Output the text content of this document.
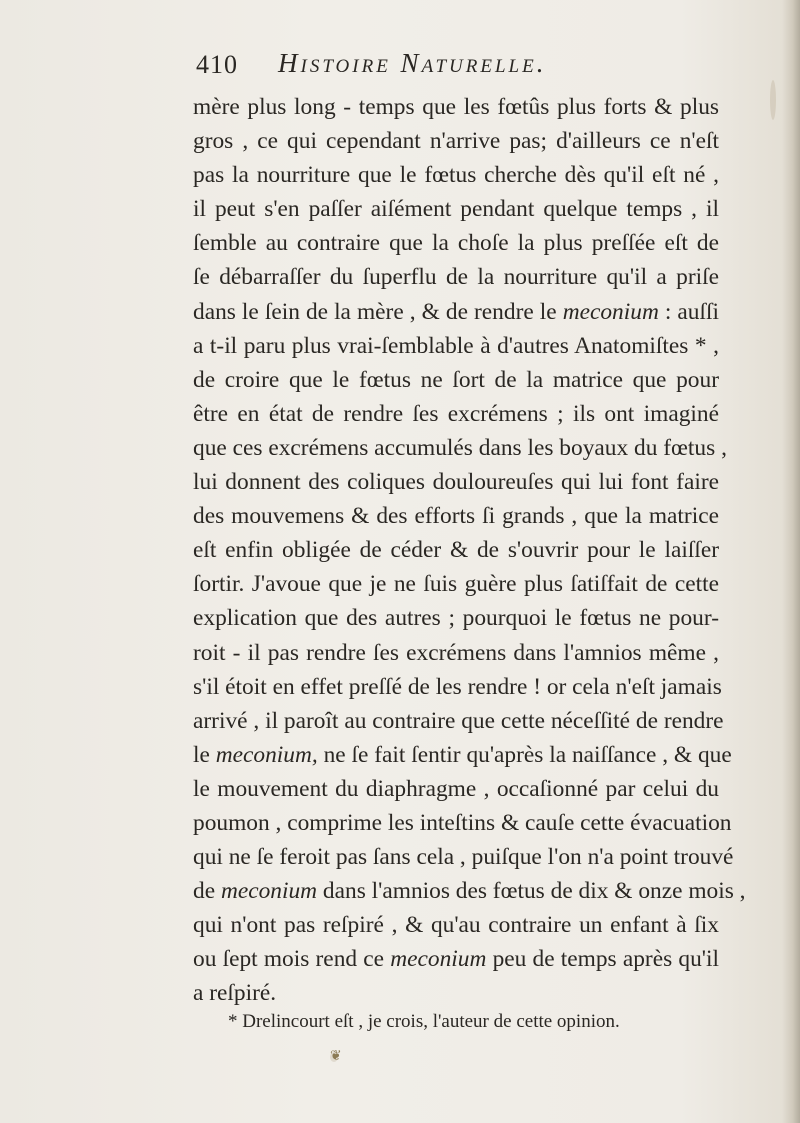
410 Histoire Naturelle.
mère plus long - temps que les fœtûs plus forts & plus
gros , ce qui cependant n'arrive pas; d'ailleurs ce n'eſt
pas la nourriture que le fœtus cherche dès qu'il eſt né ,
il peut s'en paſſer aiſément pendant quelque temps , il
ſemble au contraire que la choſe la plus preſſée eſt de
ſe débarraſſer du ſuperflu de la nourriture qu'il a priſe
dans le ſein de la mère , & de rendre le meconium : auſſi
a t-il paru plus vrai-ſemblable à d'autres Anatomiſtes * ,
de croire que le fœtus ne ſort de la matrice que pour
être en état de rendre ſes excrémens ; ils ont imaginé
que ces excrémens accumulés dans les boyaux du fœtus ,
lui donnent des coliques douloureuſes qui lui font faire
des mouvemens & des efforts ſi grands , que la matrice
eſt enfin obligée de céder & de s'ouvrir pour le laiſſer
ſortir. J'avoue que je ne ſuis guère plus ſatiſfait de cette
explication que des autres ; pourquoi le fœtus ne pour-
roit - il pas rendre ſes excrémens dans l'amnios même ,
s'il étoit en effet preſſé de les rendre ! or cela n'eſt jamais
arrivé , il paroît au contraire que cette néceſſité de rendre
le meconium, ne ſe fait ſentir qu'après la naiſſance , & que
le mouvement du diaphragme , occaſionné par celui du
poumon , comprime les inteſtins & cauſe cette évacuation
qui ne ſe feroit pas ſans cela , puiſque l'on n'a point trouvé
de meconium dans l'amnios des fœtus de dix & onze mois ,
qui n'ont pas reſpiré , & qu'au contraire un enfant à ſix
ou ſept mois rend ce meconium peu de temps après qu'il
a reſpiré.
* Drelincourt eſt , je crois, l'auteur de cette opinion.
❦
